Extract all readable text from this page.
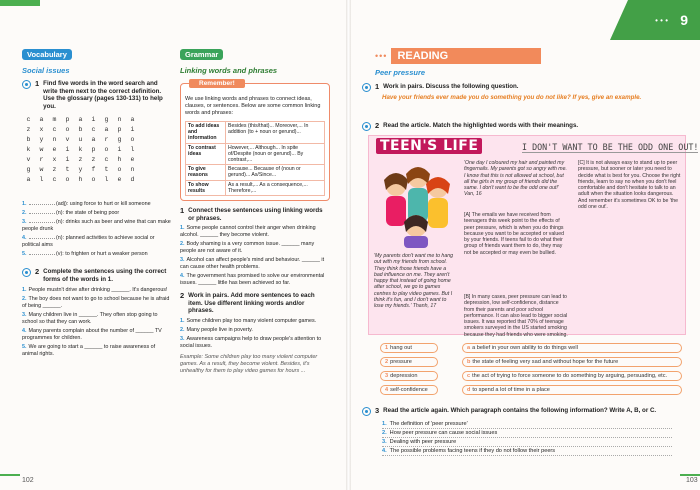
Vocabulary
Social issues
1 Find five words in the word search and write them next to the correct definition. Use the glossary (pages 130-131) to help you.
c	a	m	p	a	i	g	n	a
z	x	c	o	b	c	a	p	i
b	y	n	v	u	a	r	g	o
k	w	e	i	k	p	o	i	l
v	r	x	i	z	z	c	h	e
g	w	z	t	y	f	t	o	n
a	l	c	o	h	o	l	e	d
1.	(adj): using force to hurt or kill someone
2.	(n): the state of being poor
3.	(n): drinks such as beer and wine that can make people drunk
4.	(n): planned activities to achieve social or political aims
5.	(v): to frighten or hurt a weaker person
2 Complete the sentences using the correct forms of the words in 1.
1. People mustn't drive after drinking ______. It's dangerous!
2. The boy does not want to go to school because he is afraid of being ______.
3. Many children live in ______. They often stop going to school so that they can work.
4. Many parents complain about the number of ______ TV programmes for children.
5. We are going to start a ______ to raise awareness of animal rights.
Grammar
Linking words and phrases
Remember!
We use linking words and phrases to connect ideas, clauses, or sentences. Below are some common linking words and phrases:
To add ideas and information	Besides (this/that)... Moreover,... In addition (to + noun or gerund)...
To contrast ideas	However,... Although... In spite of/Despite (noun or gerund)... By contrast,...
To give reasons	Because... Because of (noun or gerund)... As/Since...
To show results	As a result,... As a consequence,... Therefore,...
1 Connect these sentences using linking words or phrases.
1. Some people cannot control their anger when drinking alcohol. ______ they become violent.
2. Body shaming is a very common issue. ______ many people are not aware of it.
3. Alcohol can affect people's mind and behaviour. ______ it can cause other health problems.
4. The government has promised to solve our environmental issues. ______ little has been achieved so far.
2 Work in pairs. Add more sentences to each item. Use different linking words and/or phrases.
1. Some children play too many violent computer games.
2. Many people live in poverty.
3. Awareness campaigns help to draw people's attention to social issues.
Example: Some children play too many violent computer games. As a result, they become violent. Besides, it's unhealthy for them to play video games for hours ...
102
• • • 9
••• READING
Peer pressure
1 Work in pairs. Discuss the following question.
Have your friends ever made you do something you do not like? If yes, give an example.
2 Read the article. Match the highlighted words with their meanings.
TEEN'S LIFE	I DON'T WANT TO BE THE ODD ONE OUT!
'My parents don't want me to hang out with my friends from school. They think those friends have a bad influence on me. They aren't happy that instead of going home after school, we go to games centres to play video games. But I think it's fun, and I don't want to lose my friends.' Thanh, 17
'One day I coloured my hair and painted my fingernails. My parents got so angry with me. I know that this is not allowed at school, but all the girls in my group of friends did the same. I don't want to be the odd one out!' Van, 16
[A] The emails we have received from teenagers this week point to the effects of peer pressure, which is when you do things because you want to be accepted or valued by your friends. If teens fail to do what their group of friends want them to do, they may not be accepted or may even be bullied.
[B] In many cases, peer pressure can lead to depression, low self-confidence, distance from their parents and poor school performance. It can also lead to bigger social issues. It was reported that 70% of teenage smokers surveyed in the US started smoking because they had friends who were smoking.
[C] It is not always easy to stand up to peer pressure, but sooner or later you need to decide what is best for you. Choose the right friends, learn to say no when you don't feel comfortable and don't hesitate to talk to an adult when the situation looks dangerous. And remember it's sometimes OK to be 'the odd one out'.
1 hang out
2 pressure
3 depression
4 self-confidence
a a belief in your own ability to do things well
b the state of feeling very sad and without hope for the future
c the act of trying to force someone to do something by arguing, persuading, etc.
d to spend a lot of time in a place
3 Read the article again. Which paragraph contains the following information? Write A, B, or C.
1. The definition of 'peer pressure'
2. How peer pressure can cause social issues
3. Dealing with peer pressure
4. The possible problems facing teens if they do not follow their peers
103
